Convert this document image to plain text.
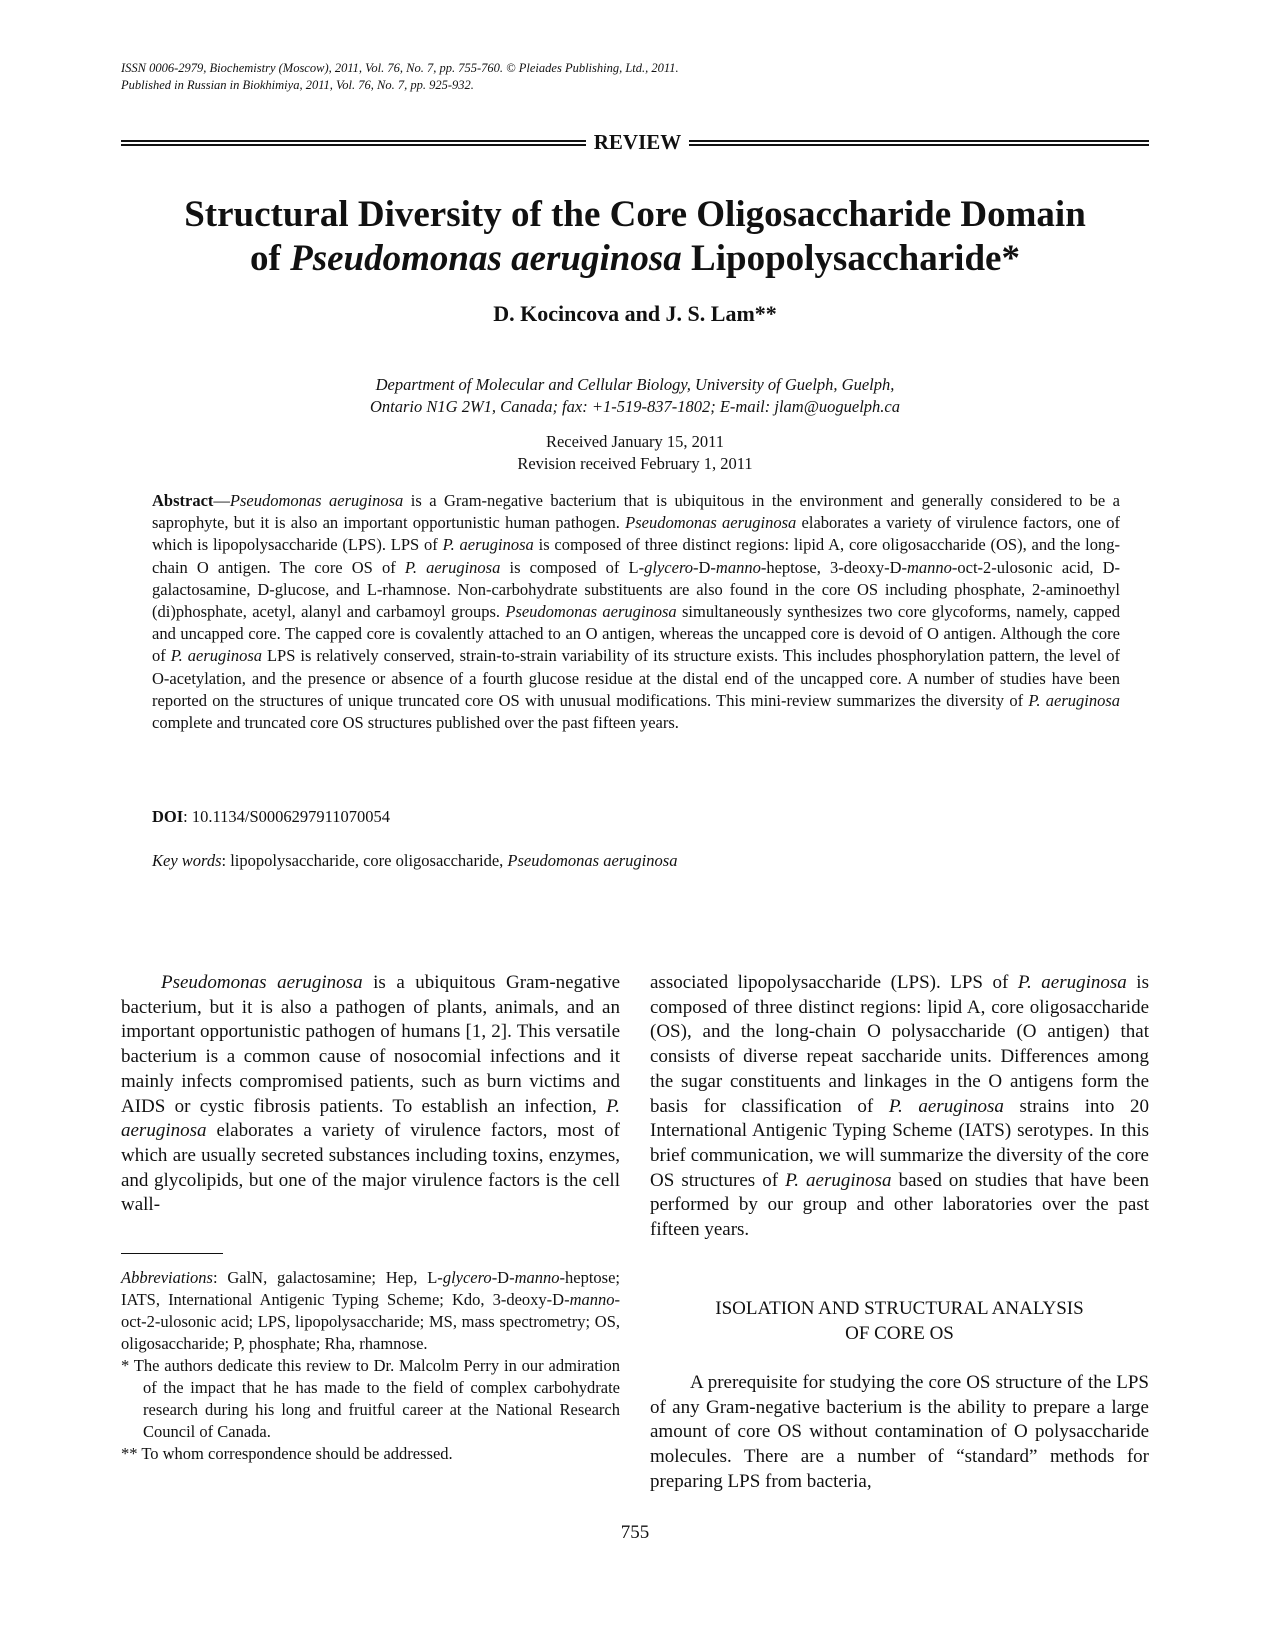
ISSN 0006-2979, Biochemistry (Moscow), 2011, Vol. 76, No. 7, pp. 755-760. © Pleiades Publishing, Ltd., 2011.
Published in Russian in Biokhimiya, 2011, Vol. 76, No. 7, pp. 925-932.
REVIEW
Structural Diversity of the Core Oligosaccharide Domain
of Pseudomonas aeruginosa Lipopolysaccharide*
D. Kocincova and J. S. Lam**
Department of Molecular and Cellular Biology, University of Guelph, Guelph,
Ontario N1G 2W1, Canada; fax: +1-519-837-1802; E-mail: jlam@uoguelph.ca
Received January 15, 2011
Revision received February 1, 2011
Abstract—Pseudomonas aeruginosa is a Gram-negative bacterium that is ubiquitous in the environment and generally considered to be a saprophyte, but it is also an important opportunistic human pathogen. Pseudomonas aeruginosa elaborates a variety of virulence factors, one of which is lipopolysaccharide (LPS). LPS of P. aeruginosa is composed of three distinct regions: lipid A, core oligosaccharide (OS), and the long-chain O antigen. The core OS of P. aeruginosa is composed of L-glycero-D-manno-heptose, 3-deoxy-D-manno-oct-2-ulosonic acid, D-galactosamine, D-glucose, and L-rhamnose. Non-carbohydrate substituents are also found in the core OS including phosphate, 2-aminoethyl (di)phosphate, acetyl, alanyl and carbamoyl groups. Pseudomonas aeruginosa simultaneously synthesizes two core glycoforms, namely, capped and uncapped core. The capped core is covalently attached to an O antigen, whereas the uncapped core is devoid of O antigen. Although the core of P. aeruginosa LPS is relatively conserved, strain-to-strain variability of its structure exists. This includes phosphorylation pattern, the level of O-acetylation, and the presence or absence of a fourth glucose residue at the distal end of the uncapped core. A number of studies have been reported on the structures of unique truncated core OS with unusual modifications. This mini-review summarizes the diversity of P. aeruginosa complete and truncated core OS structures published over the past fifteen years.
DOI: 10.1134/S0006297911070054
Key words: lipopolysaccharide, core oligosaccharide, Pseudomonas aeruginosa
Pseudomonas aeruginosa is a ubiquitous Gram-negative bacterium, but it is also a pathogen of plants, animals, and an important opportunistic pathogen of humans [1, 2]. This versatile bacterium is a common cause of nosocomial infections and it mainly infects compromised patients, such as burn victims and AIDS or cystic fibrosis patients. To establish an infection, P. aeruginosa elaborates a variety of virulence factors, most of which are usually secreted substances including toxins, enzymes, and glycolipids, but one of the major virulence factors is the cell wall-
associated lipopolysaccharide (LPS). LPS of P. aeruginosa is composed of three distinct regions: lipid A, core oligosaccharide (OS), and the long-chain O polysaccharide (O antigen) that consists of diverse repeat saccharide units. Differences among the sugar constituents and linkages in the O antigens form the basis for classification of P. aeruginosa strains into 20 International Antigenic Typing Scheme (IATS) serotypes. In this brief communication, we will summarize the diversity of the core OS structures of P. aeruginosa based on studies that have been performed by our group and other laboratories over the past fifteen years.
ISOLATION AND STRUCTURAL ANALYSIS
OF CORE OS
A prerequisite for studying the core OS structure of the LPS of any Gram-negative bacterium is the ability to prepare a large amount of core OS without contamination of O polysaccharide molecules. There are a number of “standard” methods for preparing LPS from bacteria,
Abbreviations: GalN, galactosamine; Hep, L-glycero-D-manno-heptose; IATS, International Antigenic Typing Scheme; Kdo, 3-deoxy-D-manno-oct-2-ulosonic acid; LPS, lipopolysaccharide; MS, mass spectrometry; OS, oligosaccharide; P, phosphate; Rha, rhamnose.
* The authors dedicate this review to Dr. Malcolm Perry in our admiration of the impact that he has made to the field of complex carbohydrate research during his long and fruitful career at the National Research Council of Canada.
** To whom correspondence should be addressed.
755
